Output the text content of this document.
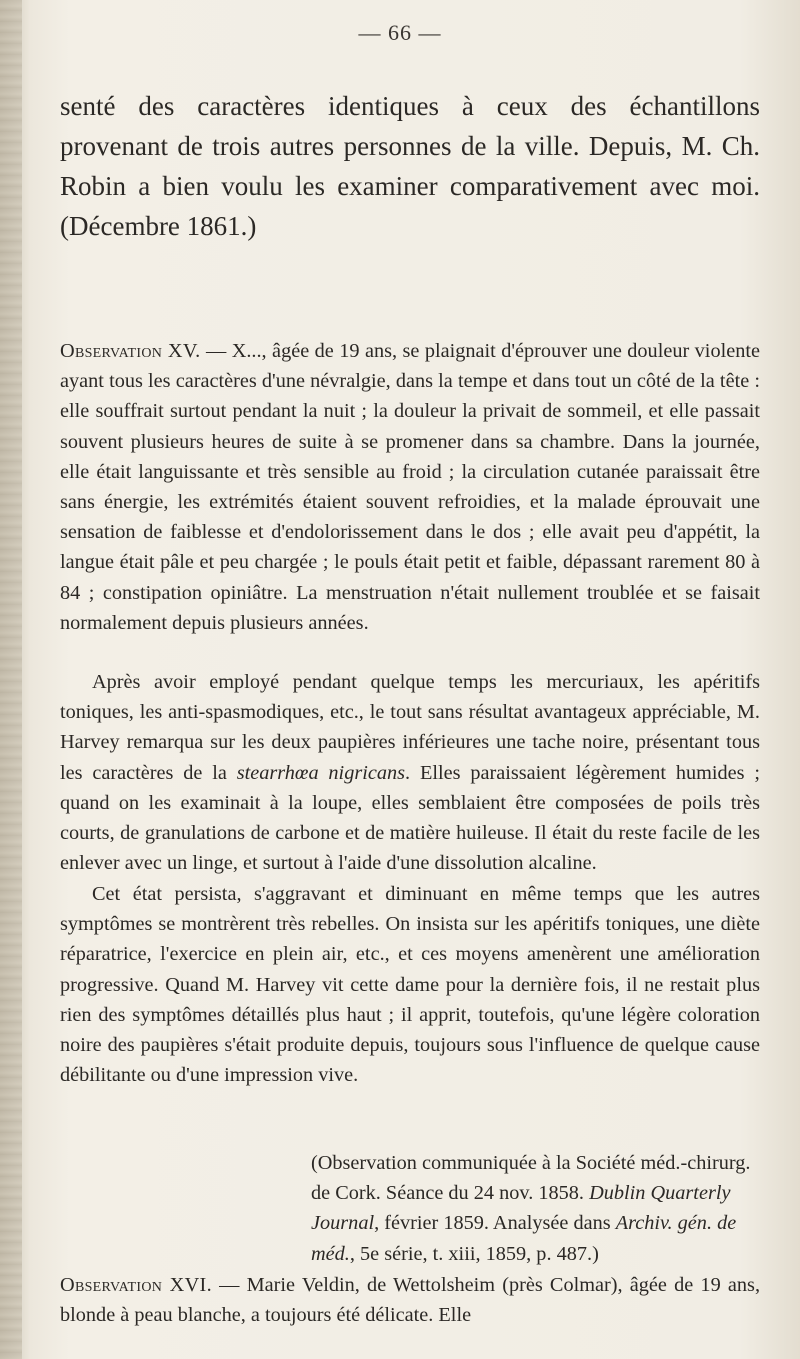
— 66 —

senté des caractères identiques à ceux des échantillons provenant de trois autres personnes de la ville. Depuis, M. Ch. Robin a bien voulu les examiner comparativement avec moi. (Décembre 1861.)

Observation XV. — X..., âgée de 19 ans, se plaignait d'éprouver une douleur violente ayant tous les caractères d'une névralgie, dans la tempe et dans tout un côté de la tête : elle souffrait surtout pendant la nuit ; la douleur la privait de sommeil, et elle passait souvent plusieurs heures de suite à se promener dans sa chambre. Dans la journée, elle était languissante et très sensible au froid ; la circulation cutanée paraissait être sans énergie, les extrémités étaient souvent refroidies, et la malade éprouvait une sensation de faiblesse et d'endolorissement dans le dos ; elle avait peu d'appétit, la langue était pâle et peu chargée ; le pouls était petit et faible, dépassant rarement 80 à 84 ; constipation opiniâtre. La menstruation n'était nullement troublée et se faisait normalement depuis plusieurs années.

Après avoir employé pendant quelque temps les mercuriaux, les apéritifs toniques, les anti-spasmodiques, etc., le tout sans résultat avantageux appréciable, M. Harvey remarqua sur les deux paupières inférieures une tache noire, présentant tous les caractères de la stearrhœa nigricans. Elles paraissaient légèrement humides ; quand on les examinait à la loupe, elles semblaient être composées de poils très courts, de granulations de carbone et de matière huileuse. Il était du reste facile de les enlever avec un linge, et surtout à l'aide d'une dissolution alcaline.

Cet état persista, s'aggravant et diminuant en même temps que les autres symptômes se montrèrent très rebelles. On insista sur les apéritifs toniques, une diète réparatrice, l'exercice en plein air, etc., et ces moyens amenèrent une amélioration progressive. Quand M. Harvey vit cette dame pour la dernière fois, il ne restait plus rien des symptômes détaillés plus haut ; il apprit, toutefois, qu'une légère coloration noire des paupières s'était produite depuis, toujours sous l'influence de quelque cause débilitante ou d'une impression vive.

(Observation communiquée à la Société méd.-chirurg. de Cork. Séance du 24 nov. 1858. Dublin Quarterly Journal, février 1859. Analysée dans Archiv. gén. de méd., 5e série, t. xiii, 1859, p. 487.)

Observation XVI. — Marie Veldin, de Wettolsheim (près Colmar), âgée de 19 ans, blonde à peau blanche, a toujours été délicate. Elle
